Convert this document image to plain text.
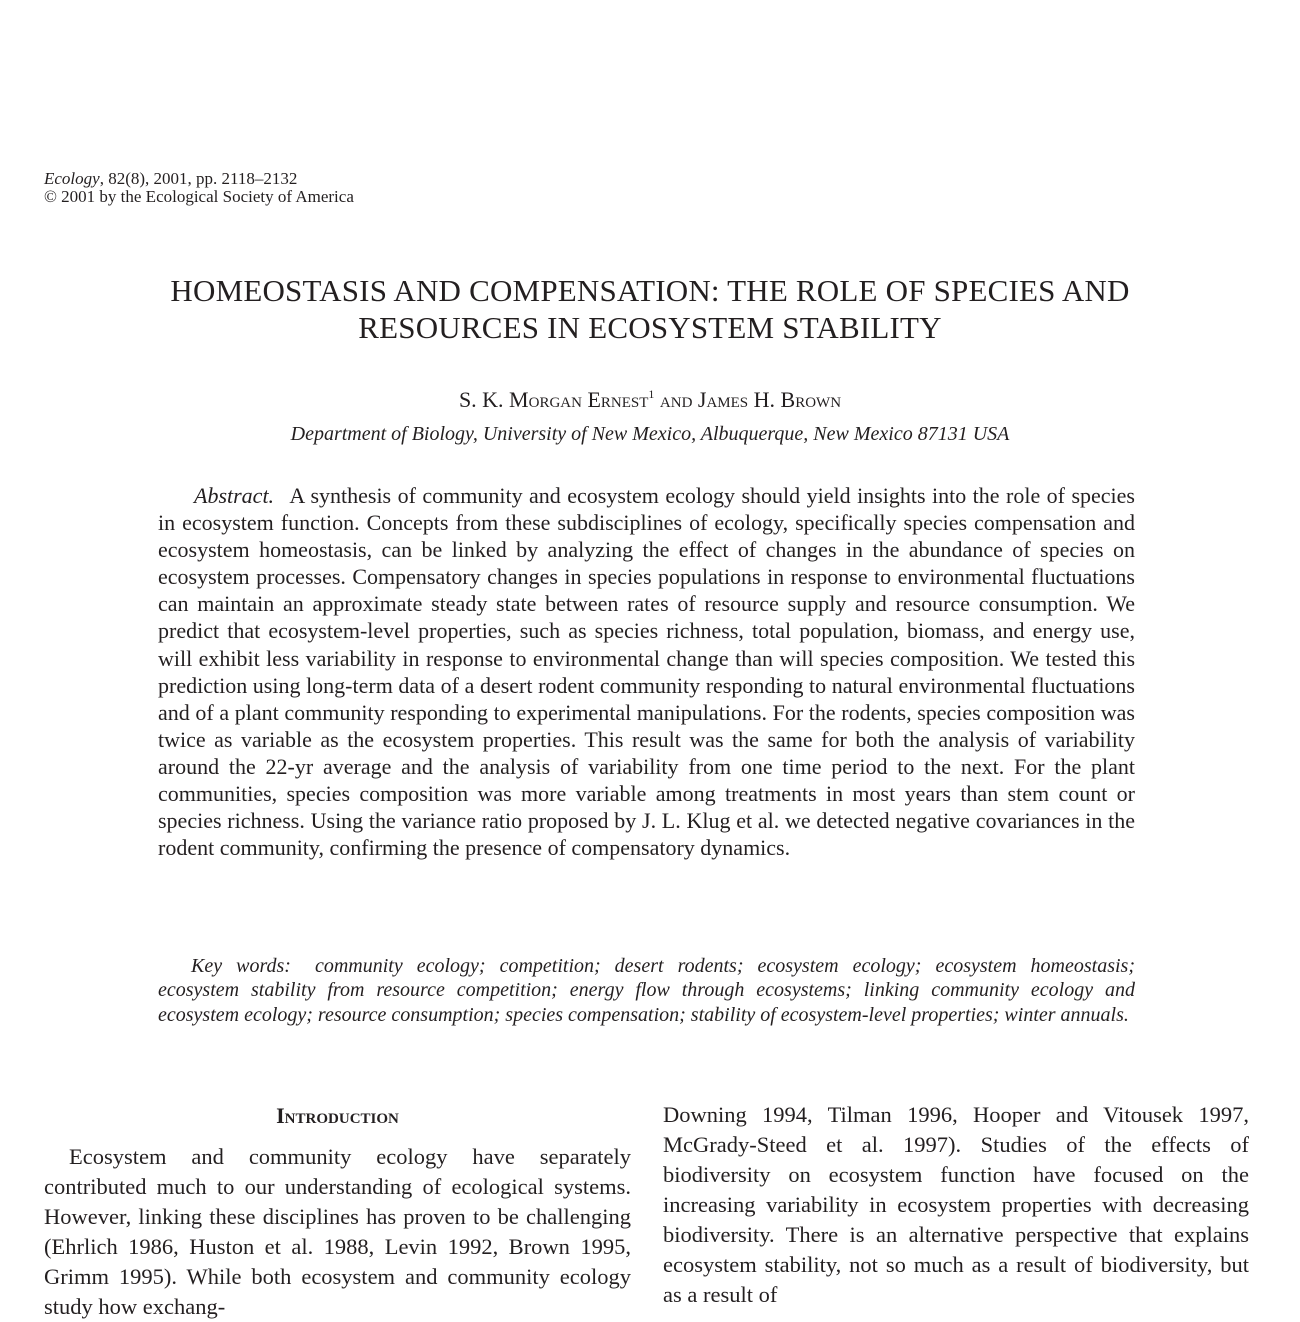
Ecology, 82(8), 2001, pp. 2118–2132
© 2001 by the Ecological Society of America
HOMEOSTASIS AND COMPENSATION: THE ROLE OF SPECIES AND
RESOURCES IN ECOSYSTEM STABILITY
S. K. Morgan Ernest$^1$ and James H. Brown
Department of Biology, University of New Mexico, Albuquerque, New Mexico 87131 USA

Abstract. A synthesis of community and ecosystem ecology should yield insights into the role of species in ecosystem function. Concepts from these subdisciplines of ecology, specifically species compensation and ecosystem homeostasis, can be linked by analyzing the effect of changes in the abundance of species on ecosystem processes. Compensatory changes in species populations in response to environmental fluctuations can maintain an approximate steady state between rates of resource supply and resource consumption. We predict that ecosystem-level properties, such as species richness, total population, biomass, and energy use, will exhibit less variability in response to environmental change than will species composition. We tested this prediction using long-term data of a desert rodent community responding to natural environmental fluctuations and of a plant community responding to experimental manipulations. For the rodents, species composition was twice as variable as the ecosystem properties. This result was the same for both the analysis of variability around the 22-yr average and the analysis of variability from one time period to the next. For the plant communities, species composition was more variable among treatments in most years than stem count or species richness. Using the variance ratio proposed by J. L. Klug et al. we detected negative covariances in the rodent community, confirming the presence of compensatory dynamics.

Key words: community ecology; competition; desert rodents; ecosystem ecology; ecosystem homeostasis; ecosystem stability from resource competition; energy flow through ecosystems; linking community ecology and ecosystem ecology; resource consumption; species compensation; stability of ecosystem-level properties; winter annuals.

Introduction

Ecosystem and community ecology have separately contributed much to our understanding of ecological systems. However, linking these disciplines has proven to be challenging (Ehrlich 1986, Huston et al. 1988, Levin 1992, Brown 1995, Grimm 1995). While both ecosystem and community ecology study how exchang-

Downing 1994, Tilman 1996, Hooper and Vitousek 1997, McGrady-Steed et al. 1997). Studies of the effects of biodiversity on ecosystem function have focused on the increasing variability in ecosystem properties with decreasing biodiversity. There is an alternative perspective that explains ecosystem stability, not so much as a result of biodiversity, but as a result of
